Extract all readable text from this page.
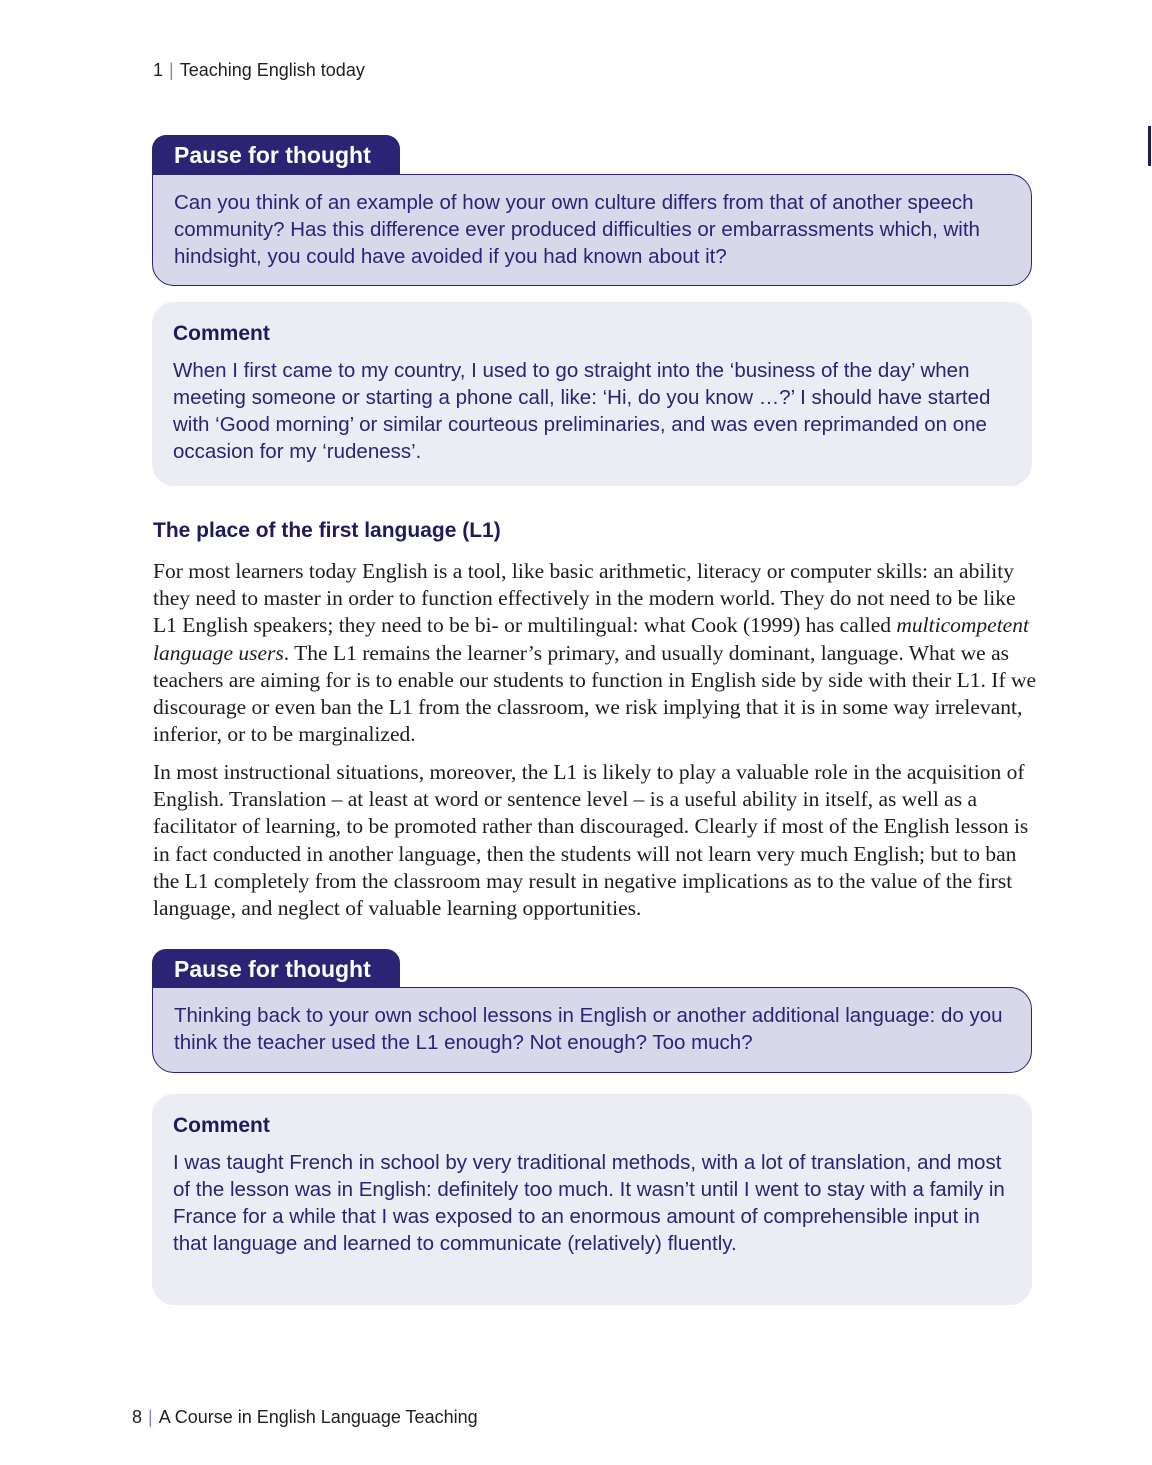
1 | Teaching English today
Pause for thought
Can you think of an example of how your own culture differs from that of another speech community? Has this difference ever produced difficulties or embarrassments which, with hindsight, you could have avoided if you had known about it?
Comment
When I first came to my country, I used to go straight into the ‘business of the day’ when meeting someone or starting a phone call, like: ‘Hi, do you know …?’ I should have started with ‘Good morning’ or similar courteous preliminaries, and was even reprimanded on one occasion for my ‘rudeness’.
The place of the first language (L1)

For most learners today English is a tool, like basic arithmetic, literacy or computer skills: an ability they need to master in order to function effectively in the modern world. They do not need to be like L1 English speakers; they need to be bi- or multilingual: what Cook (1999) has called multicompetent language users. The L1 remains the learner’s primary, and usually dominant, language. What we as teachers are aiming for is to enable our students to function in English side by side with their L1. If we discourage or even ban the L1 from the classroom, we risk implying that it is in some way irrelevant, inferior, or to be marginalized.

In most instructional situations, moreover, the L1 is likely to play a valuable role in the acquisition of English. Translation – at least at word or sentence level – is a useful ability in itself, as well as a facilitator of learning, to be promoted rather than discouraged. Clearly if most of the English lesson is in fact conducted in another language, then the students will not learn very much English; but to ban the L1 completely from the classroom may result in negative implications as to the value of the first language, and neglect of valuable learning opportunities.

Pause for thought
Thinking back to your own school lessons in English or another additional language: do you think the teacher used the L1 enough? Not enough? Too much?
Comment
I was taught French in school by very traditional methods, with a lot of translation, and most of the lesson was in English: definitely too much. It wasn’t until I went to stay with a family in France for a while that I was exposed to an enormous amount of comprehensible input in that language and learned to communicate (relatively) fluently.
8 | A Course in English Language Teaching
